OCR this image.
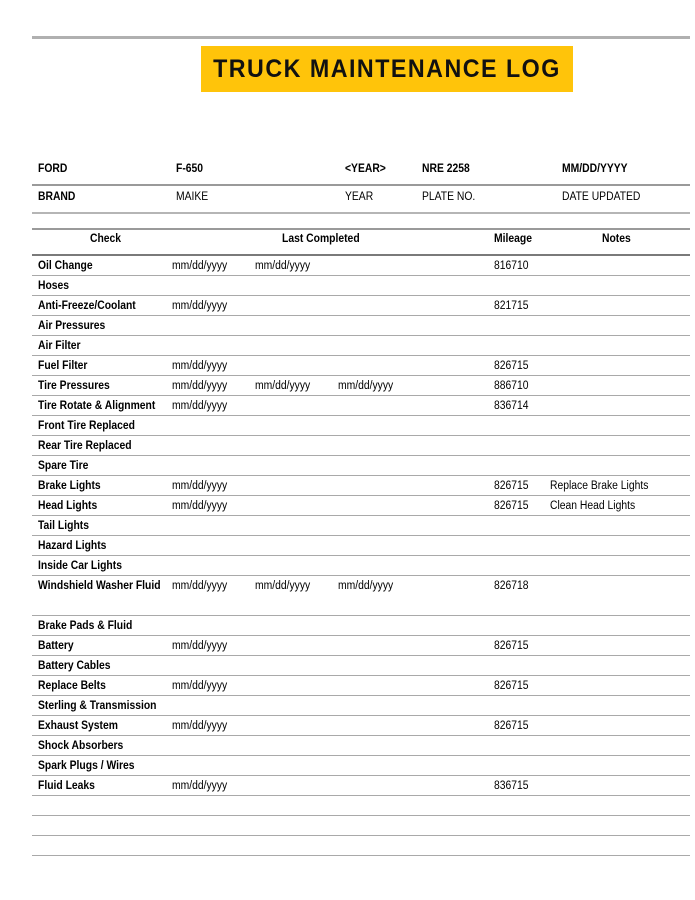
TRUCK MAINTENANCE LOG
FORD	F-650	<YEAR>	NRE 2258	MM/DD/YYYY
BRAND	MAIKE	YEAR	PLATE NO.	DATE UPDATED
Check	Last Completed	Mileage	Notes
Oil Change	mm/dd/yyyy mm/dd/yyyy	816710
Hoses
Anti-Freeze/Coolant	mm/dd/yyyy	821715
Air Pressures
Air Filter
Fuel Filter	mm/dd/yyyy	826715
Tire Pressures	mm/dd/yyyy mm/dd/yyyy mm/dd/yyyy	886710
Tire Rotate & Alignment mm/dd/yyyy	836714
Front Tire Replaced
Rear Tire Replaced
Spare Tire
Brake Lights	mm/dd/yyyy	826715 Replace Brake Lights
Head Lights	mm/dd/yyyy	826715 Clean Head Lights
Tail Lights
Hazard Lights
Inside Car Lights
Windshield Washer Fluid mm/dd/yyyy mm/dd/yyyy mm/dd/yyyy	826718
Brake Pads & Fluid
Battery	mm/dd/yyyy	826715
Battery Cables
Replace Belts	mm/dd/yyyy	826715
Sterling & Transmission
Exhaust System	mm/dd/yyyy	826715
Shock Absorbers
Spark Plugs / Wires
Fluid Leaks	mm/dd/yyyy	836715
